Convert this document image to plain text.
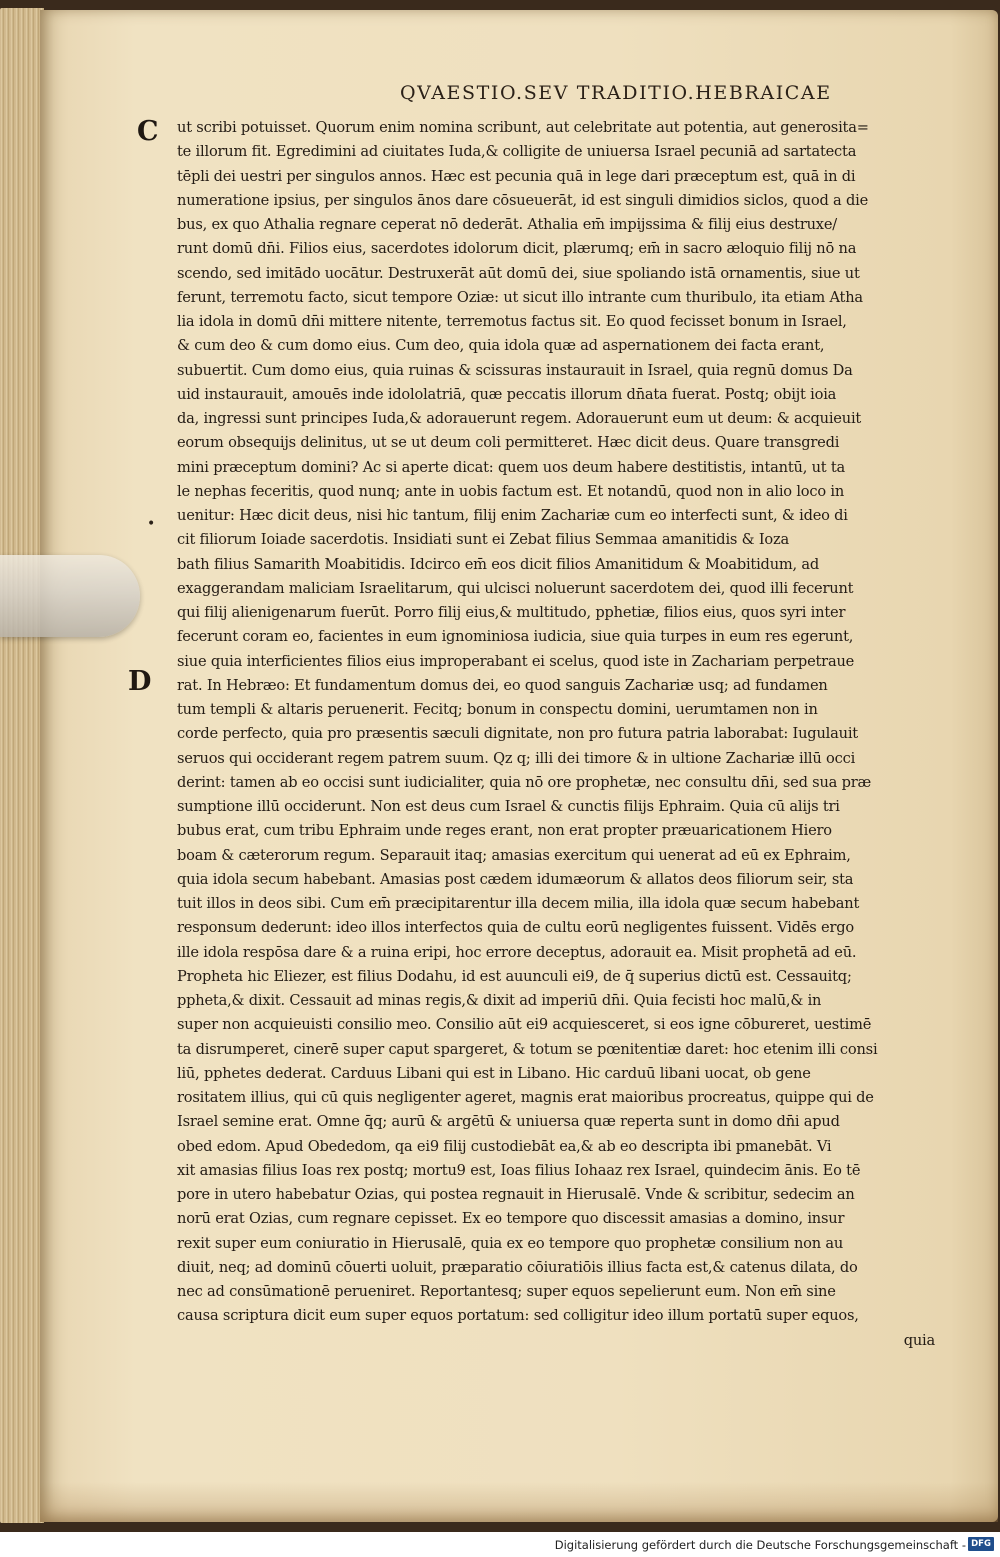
QVAESTIO.SEV TRADITIO.HEBRAICAE
C
D
•
ut scribi potuisset. Quorum enim nomina scribunt, aut celebritate aut potentia, aut generosita=
te illorum fit. Egredimini ad ciuitates Iuda,& colligite de uniuersa Israel pecuniā ad sartatecta
tēpli dei uestri per singulos annos. Hæc est pecunia quā in lege dari præceptum est, quā in di
numeratione ipsius, per singulos ānos dare cōsueuerāt, id est singuli dimidios siclos, quod a die
bus, ex quo Athalia regnare ceperat nō dederāt. Athalia em̄ impijssima & filij eius destruxe/
runt domū dn̄i. Filios eius, sacerdotes idolorum dicit, plærumq; em̄ in sacro æloquio filij nō na
scendo, sed imitādo uocātur. Destruxerāt aūt domū dei, siue spoliando istā ornamentis, siue ut
ferunt, terremotu facto, sicut tempore Oziæ: ut sicut illo intrante cum thuribulo, ita etiam Atha
lia idola in domū dn̄i mittere nitente, terremotus factus sit. Eo quod fecisset bonum in Israel,
& cum deo & cum domo eius. Cum deo, quia idola quæ ad aspernationem dei facta erant,
subuertit. Cum domo eius, quia ruinas & scissuras instaurauit in Israel, quia regnū domus Da
uid instaurauit, amouēs inde idololatriā, quæ peccatis illorum dn̄ata fuerat. Postq; obijt ioia
da, ingressi sunt principes Iuda,& adorauerunt regem. Adorauerunt eum ut deum: & acquieuit
eorum obsequijs delinitus, ut se ut deum coli permitteret. Hæc dicit deus. Quare transgredi
mini præceptum domini? Ac si aperte dicat: quem uos deum habere destitistis, intantū, ut ta
le nephas feceritis, quod nunq; ante in uobis factum est. Et notandū, quod non in alio loco in
uenitur: Hæc dicit deus, nisi hic tantum, filij enim Zachariæ cum eo interfecti sunt, & ideo di
cit filiorum Ioiade sacerdotis. Insidiati sunt ei Zebat filius Semmaa amanitidis & Ioza
bath filius Samarith Moabitidis. Idcirco em̄ eos dicit filios Amanitidum & Moabitidum, ad
exaggerandam maliciam Israelitarum, qui ulcisci noluerunt sacerdotem dei, quod illi fecerunt
qui filij alienigenarum fuerūt. Porro filij eius,& multitudo, pphetiæ, filios eius, quos syri inter
fecerunt coram eo, facientes in eum ignominiosa iudicia, siue quia turpes in eum res egerunt,
siue quia interficientes filios eius improperabant ei scelus, quod iste in Zachariam perpetraue
rat. In Hebræo: Et fundamentum domus dei, eo quod sanguis Zachariæ usq; ad fundamen
tum templi & altaris peruenerit. Fecitq; bonum in conspectu domini, uerumtamen non in
corde perfecto, quia pro præsentis sæculi dignitate, non pro futura patria laborabat: Iugulauit
seruos qui occiderant regem patrem suum. Qz q; illi dei timore & in ultione Zachariæ illū occi
derint: tamen ab eo occisi sunt iudicialiter, quia nō ore prophetæ, nec consultu dn̄i, sed sua præ
sumptione illū occiderunt. Non est deus cum Israel & cunctis filijs Ephraim. Quia cū alijs tri
bubus erat, cum tribu Ephraim unde reges erant, non erat propter præuaricationem Hiero
boam & cæterorum regum. Separauit itaq; amasias exercitum qui uenerat ad eū ex Ephraim,
quia idola secum habebant. Amasias post cædem idumæorum & allatos deos filiorum seir, sta
tuit illos in deos sibi. Cum em̄ præcipitarentur illa decem milia, illa idola quæ secum habebant
responsum dederunt: ideo illos interfectos quia de cultu eorū negligentes fuissent. Vidēs ergo
ille idola respōsa dare & a ruina eripi, hoc errore deceptus, adorauit ea. Misit prophetā ad eū.
Propheta hic Eliezer, est filius Dodahu, id est auunculi ei9, de q̄ superius dictū est. Cessauitq;
ppheta,& dixit. Cessauit ad minas regis,& dixit ad imperiū dn̄i. Quia fecisti hoc malū,& in
super non acquieuisti consilio meo. Consilio aūt ei9 acquiesceret, si eos igne cōbureret, uestimē
ta disrumperet, cinerē super caput spargeret, & totum se pœnitentiæ daret: hoc etenim illi consi
liū, pphetes dederat. Carduus Libani qui est in Libano. Hic carduū libani uocat, ob gene
rositatem illius, qui cū quis negligenter ageret, magnis erat maioribus procreatus, quippe qui de
Israel semine erat. Omne q̄q; aurū & argētū & uniuersa quæ reperta sunt in domo dn̄i apud
obed edom. Apud Obededom, qa ei9 filij custodiebāt ea,& ab eo descripta ibi pmanebāt. Vi
xit amasias filius Ioas rex postq; mortu9 est, Ioas filius Iohaaz rex Israel, quindecim ānis. Eo tē
pore in utero habebatur Ozias, qui postea regnauit in Hierusalē. Vnde & scribitur, sedecim an
norū erat Ozias, cum regnare cepisset. Ex eo tempore quo discessit amasias a domino, insur
rexit super eum coniuratio in Hierusalē, quia ex eo tempore quo prophetæ consilium non au
diuit, neq; ad dominū cōuerti uoluit, præparatio cōiuratiōis illius facta est,& catenus dilata, do
nec ad consūmationē perueniret. Reportantesq; super equos sepelierunt eum. Non em̄ sine
causa scriptura dicit eum super equos portatum: sed colligitur ideo illum portatū super equos,
quia
Digitalisierung gefördert durch die Deutsche Forschungsgemeinschaft - DFG
